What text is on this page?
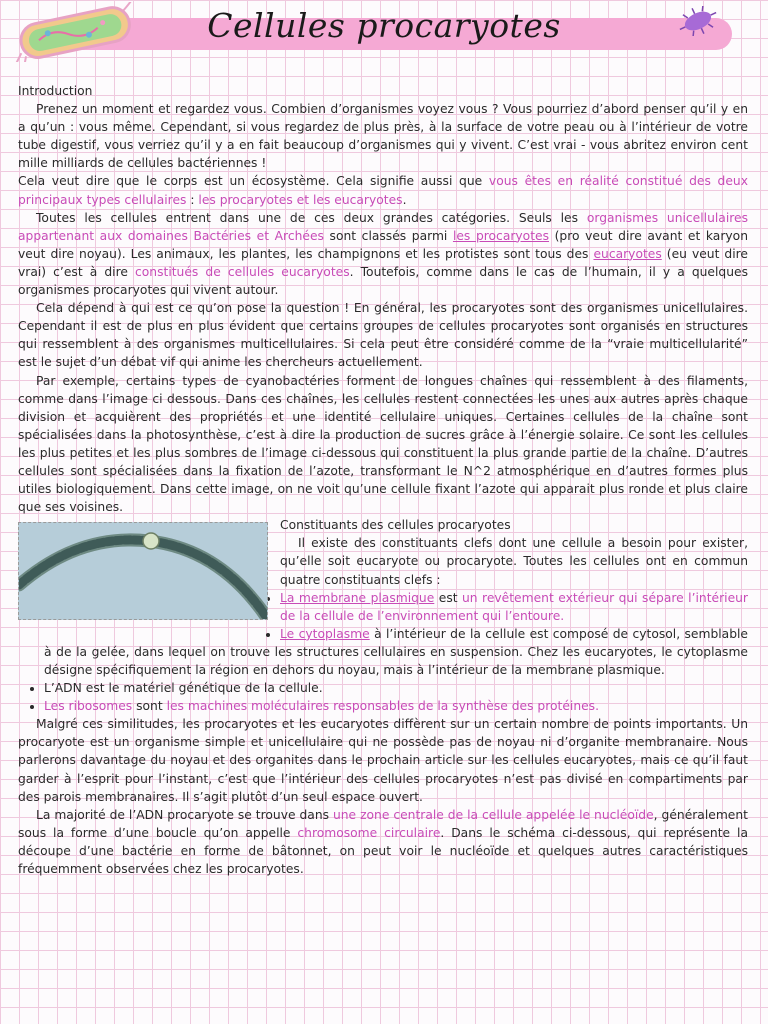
Cellules procaryotes

Introduction

Prenez un moment et regardez vous. Combien d’organismes voyez vous ? Vous pourriez d’abord penser qu’il y en a qu’un : vous même. Cependant, si vous regardez de plus près, à la surface de votre peau ou à l’intérieur de votre tube digestif, vous verriez qu’il y a en fait beaucoup d’organismes qui y vivent. C’est vrai - vous abritez environ cent mille milliards de cellules bactériennes !

Cela veut dire que le corps est un écosystème. Cela signifie aussi que vous êtes en réalité constitué des deux principaux types cellulaires : les procaryotes et les eucaryotes.

Toutes les cellules entrent dans une de ces deux grandes catégories. Seuls les organismes unicellulaires appartenant aux domaines Bactéries et Archées sont classés parmi les procaryotes (pro veut dire avant et karyon veut dire noyau). Les animaux, les plantes, les champignons et les protistes sont tous des eucaryotes (eu veut dire vrai) c’est à dire constitués de cellules eucaryotes. Toutefois, comme dans le cas de l’humain, il y a quelques organismes procaryotes qui vivent autour.

Cela dépend à qui est ce qu’on pose la question ! En général, les procaryotes sont des organismes unicellulaires. Cependant il est de plus en plus évident que certains groupes de cellules procaryotes sont organisés en structures qui ressemblent à des organismes multicellulaires. Si cela peut être considéré comme de la “vraie multicellularité” est le sujet d’un débat vif qui anime les chercheurs actuellement.

Par exemple, certains types de cyanobactéries forment de longues chaînes qui ressemblent à des filaments, comme dans l’image ci dessous. Dans ces chaînes, les cellules restent connectées les unes aux autres après chaque division et acquièrent des propriétés et une identité cellulaire uniques. Certaines cellules de la chaîne sont spécialisées dans la photosynthèse, c’est à dire la production de sucres grâce à l’énergie solaire. Ce sont les cellules les plus petites et les plus sombres de l’image ci-dessous qui constituent la plus grande partie de la chaîne. D’autres cellules sont spécialisées dans la fixation de l’azote, transformant le N^2 atmosphérique en d’autres formes plus utiles biologiquement. Dans cette image, on ne voit qu’une cellule fixant l’azote qui apparait plus ronde et plus claire que ses voisines.

Constituants des cellules procaryotes

Il existe des constituants clefs dont une cellule a besoin pour exister, qu’elle soit eucaryote ou procaryote. Toutes les cellules ont en commun quatre constituants clefs :

• La membrane plasmique est un revêtement extérieur qui sépare l’intérieur de la cellule de l’environnement qui l’entoure.
• Le cytoplasme à l’intérieur de la cellule est composé de cytosol, semblable à de la gelée, dans lequel on trouve les structures cellulaires en suspension. Chez les eucaryotes, le cytoplasme désigne spécifiquement la région en dehors du noyau, mais à l’intérieur de la membrane plasmique.
• L’ADN est le matériel génétique de la cellule.
• Les ribosomes sont les machines moléculaires responsables de la synthèse des protéines.

Malgré ces similitudes, les procaryotes et les eucaryotes diffèrent sur un certain nombre de points importants. Un procaryote est un organisme simple et unicellulaire qui ne possède pas de noyau ni d’organite membranaire. Nous parlerons davantage du noyau et des organites dans le prochain article sur les cellules eucaryotes, mais ce qu’il faut garder à l’esprit pour l’instant, c’est que l’intérieur des cellules procaryotes n’est pas divisé en compartiments par des parois membranaires. Il s’agit plutôt d’un seul espace ouvert.

La majorité de l’ADN procaryote se trouve dans une zone centrale de la cellule appelée le nucléoïde, généralement sous la forme d’une boucle qu’on appelle chromosome circulaire. Dans le schéma ci-dessous, qui représente la découpe d’une bactérie en forme de bâtonnet, on peut voir le nucléoïde et quelques autres caractéristiques fréquemment observées chez les procaryotes.
